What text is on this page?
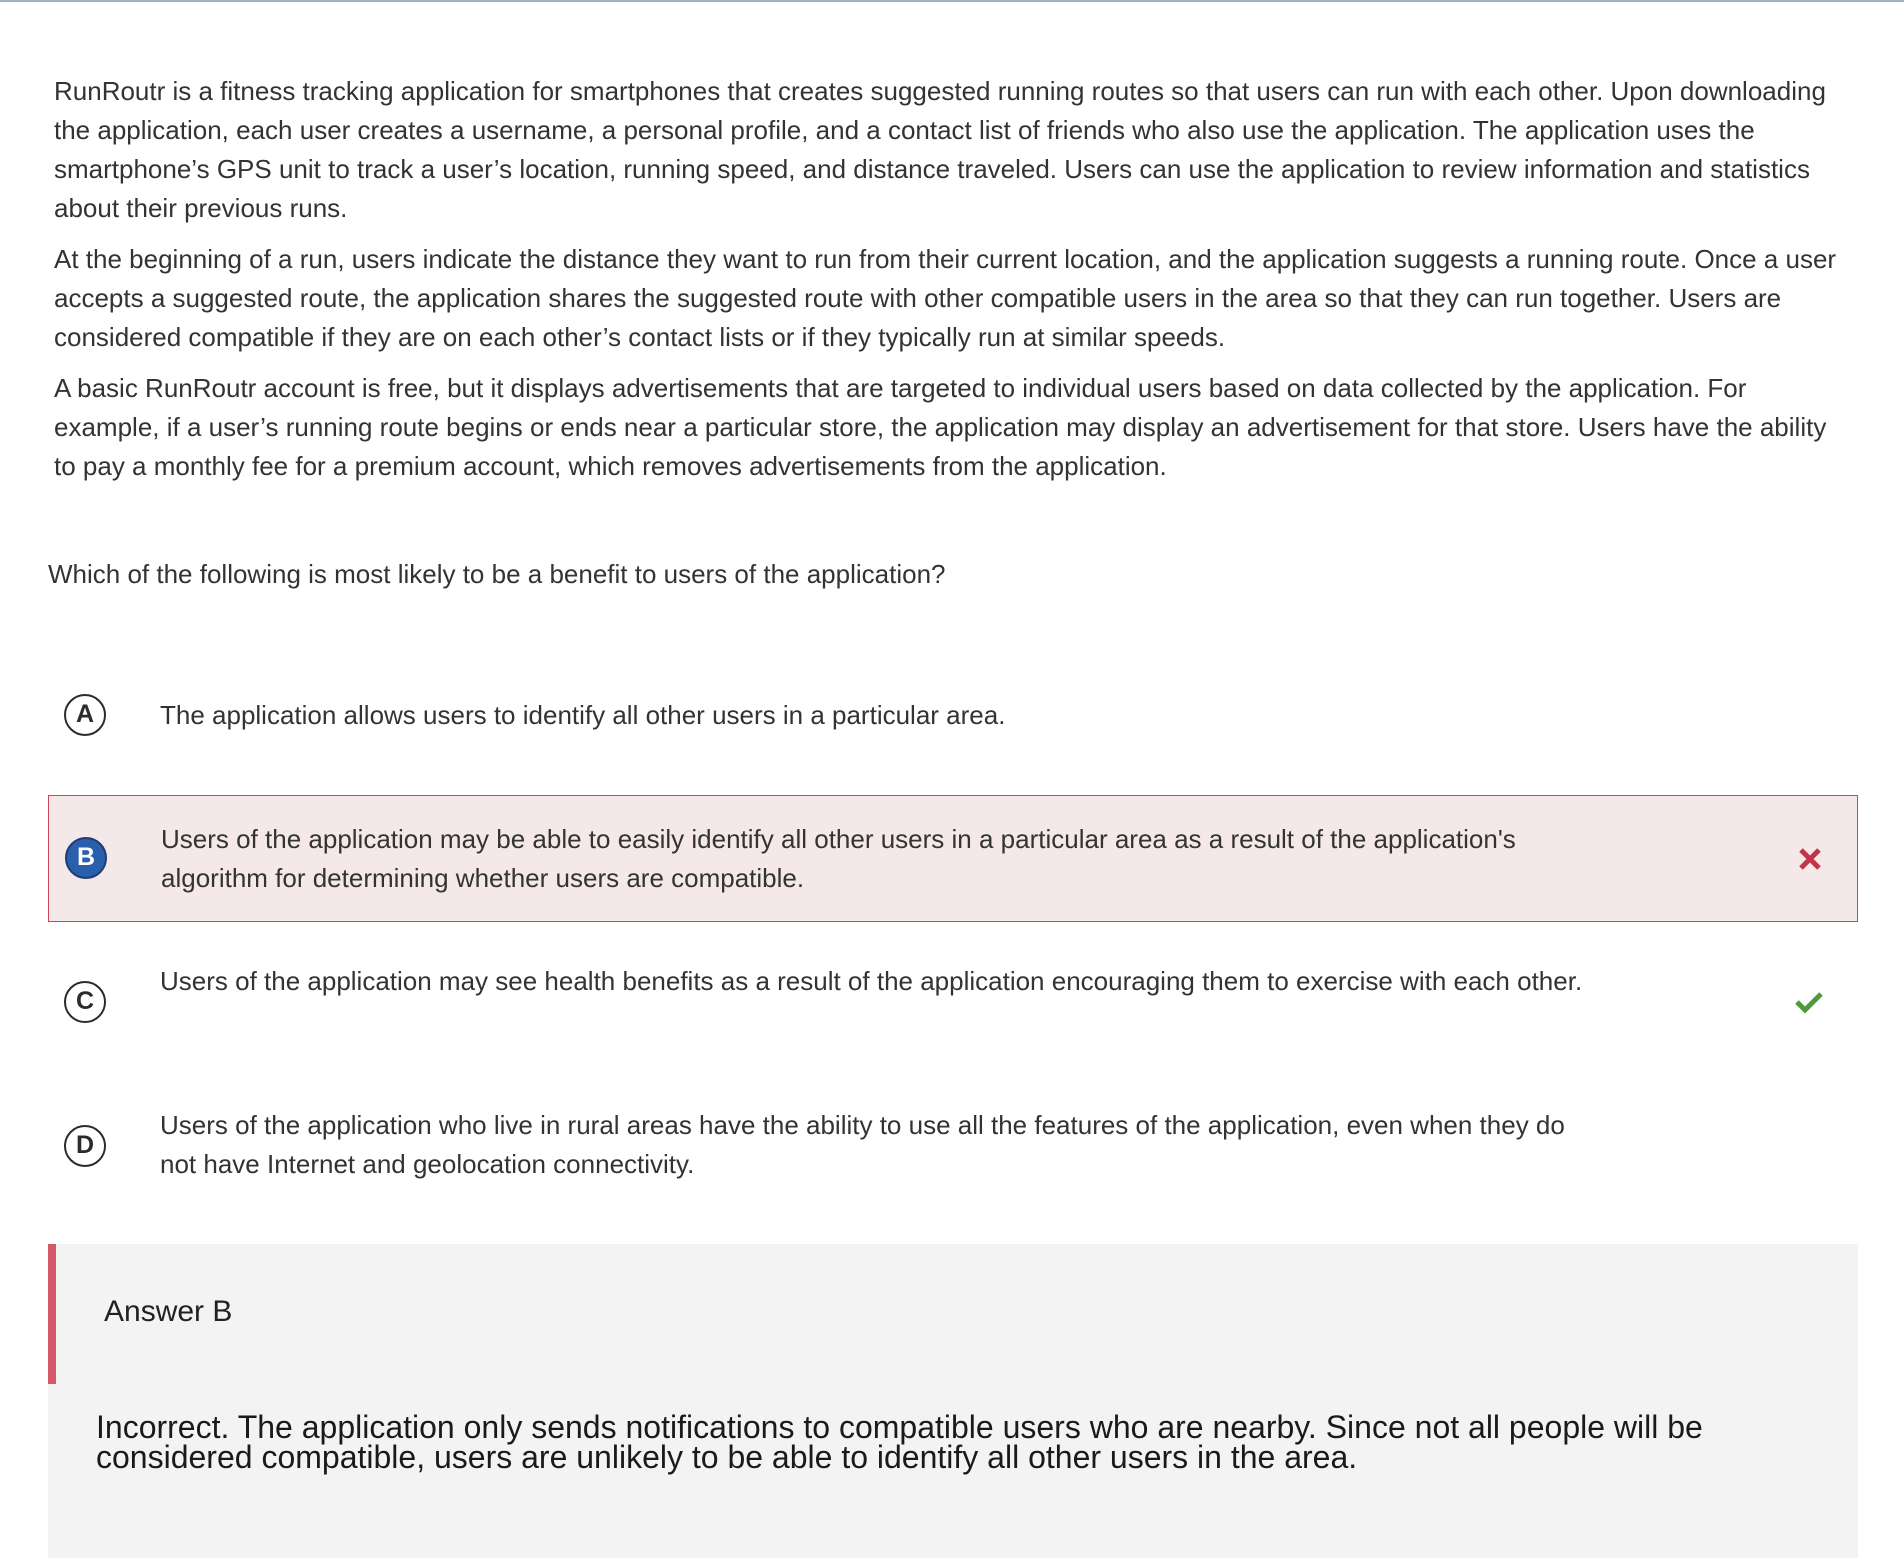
RunRoutr is a fitness tracking application for smartphones that creates suggested running routes so that users can run with each other. Upon downloading the application, each user creates a username, a personal profile, and a contact list of friends who also use the application. The application uses the smartphone’s GPS unit to track a user’s location, running speed, and distance traveled. Users can use the application to review information and statistics about their previous runs.

At the beginning of a run, users indicate the distance they want to run from their current location, and the application suggests a running route. Once a user accepts a suggested route, the application shares the suggested route with other compatible users in the area so that they can run together. Users are considered compatible if they are on each other’s contact lists or if they typically run at similar speeds.

A basic RunRoutr account is free, but it displays advertisements that are targeted to individual users based on data collected by the application. For example, if a user’s running route begins or ends near a particular store, the application may display an advertisement for that store. Users have the ability to pay a monthly fee for a premium account, which removes advertisements from the application.

Which of the following is most likely to be a benefit to users of the application?

A	The application allows users to identify all other users in a particular area.
B
Users of the application may be able to easily identify all other users in a particular area as a result of the application's algorithm for determining whether users are compatible.
C
Users of the application may see health benefits as a result of the application encouraging them to exercise with each other.
D
Users of the application who live in rural areas have the ability to use all the features of the application, even when they do not have Internet and geolocation connectivity.
Answer B
Incorrect. The application only sends notifications to compatible users who are nearby. Since not all people will be considered compatible, users are unlikely to be able to identify all other users in the area.
